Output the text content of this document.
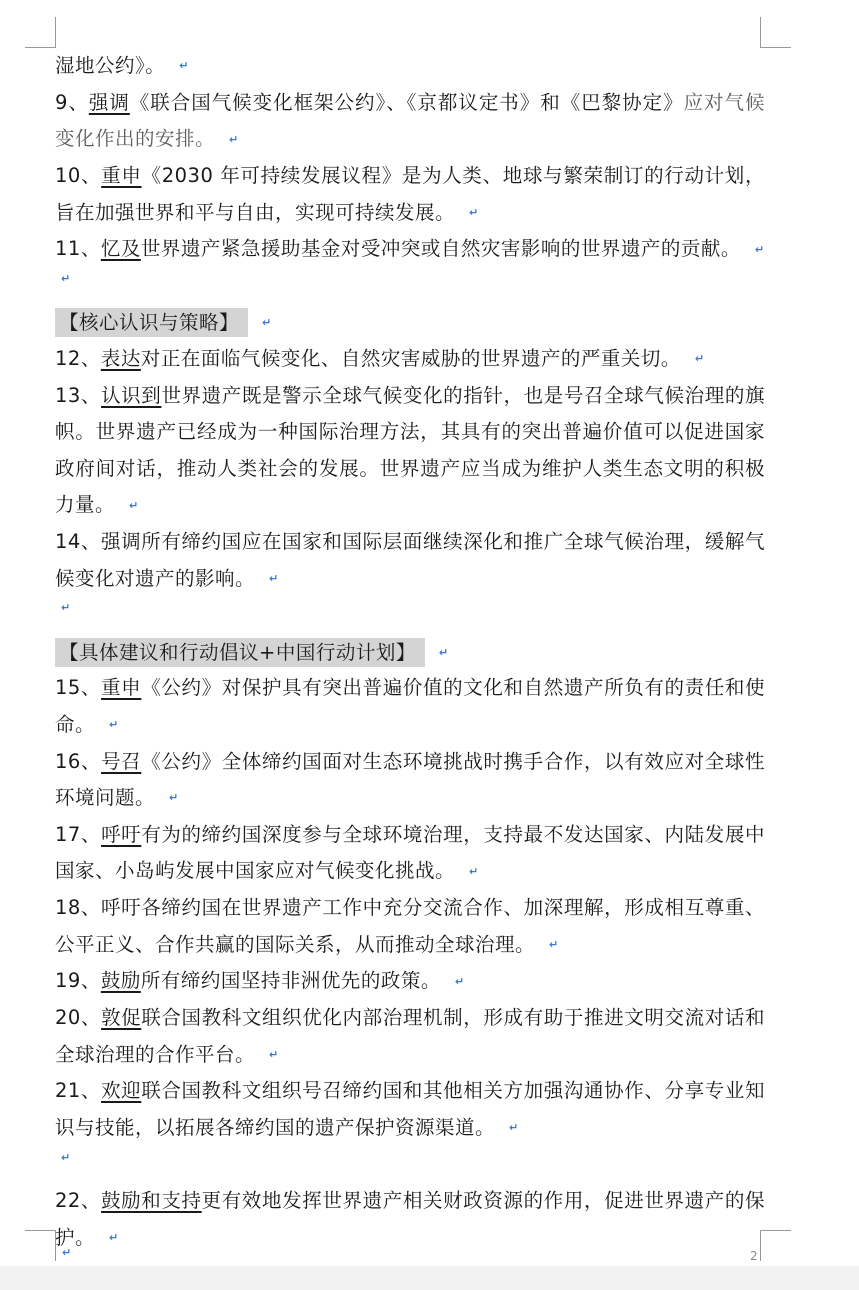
湿地公约》。 ↵

9、强调《联合国气候变化框架公约》、《京都议定书》和《巴黎协定》应对气候变化作出的安排。 ↵

10、重申《2030 年可持续发展议程》是为人类、地球与繁荣制订的行动计划，旨在加强世界和平与自由，实现可持续发展。 ↵

11、忆及世界遗产紧急援助基金对受冲突或自然灾害影响的世界遗产的贡献。 ↵

↵
【核心认识与策略】	↵

12、表达对正在面临气候变化、自然灾害威胁的世界遗产的严重关切。 ↵

13、认识到世界遗产既是警示全球气候变化的指针，也是号召全球气候治理的旗帜。世界遗产已经成为一种国际治理方法，其具有的突出普遍价值可以促进国家政府间对话，推动人类社会的发展。世界遗产应当成为维护人类生态文明的积极力量。 ↵

14、强调所有缔约国应在国家和国际层面继续深化和推广全球气候治理，缓解气候变化对遗产的影响。 ↵

↵
【具体建议和行动倡议+中国行动计划】	↵

15、重申《公约》对保护具有突出普遍价值的文化和自然遗产所负有的责任和使命。 ↵

16、号召《公约》全体缔约国面对生态环境挑战时携手合作，以有效应对全球性环境问题。 ↵

17、呼吁有为的缔约国深度参与全球环境治理，支持最不发达国家、内陆发展中国家、小岛屿发展中国家应对气候变化挑战。 ↵

18、呼吁各缔约国在世界遗产工作中充分交流合作、加深理解，形成相互尊重、公平正义、合作共赢的国际关系，从而推动全球治理。 ↵

19、鼓励所有缔约国坚持非洲优先的政策。 ↵

20、敦促联合国教科文组织优化内部治理机制，形成有助于推进文明交流对话和全球治理的合作平台。 ↵

21、欢迎联合国教科文组织号召缔约国和其他相关方加强沟通协作、分享专业知识与技能，以拓展各缔约国的遗产保护资源渠道。 ↵

↵

22、鼓励和支持更有效地发挥世界遗产相关财政资源的作用，促进世界遗产的保护。 ↵

↵	2
